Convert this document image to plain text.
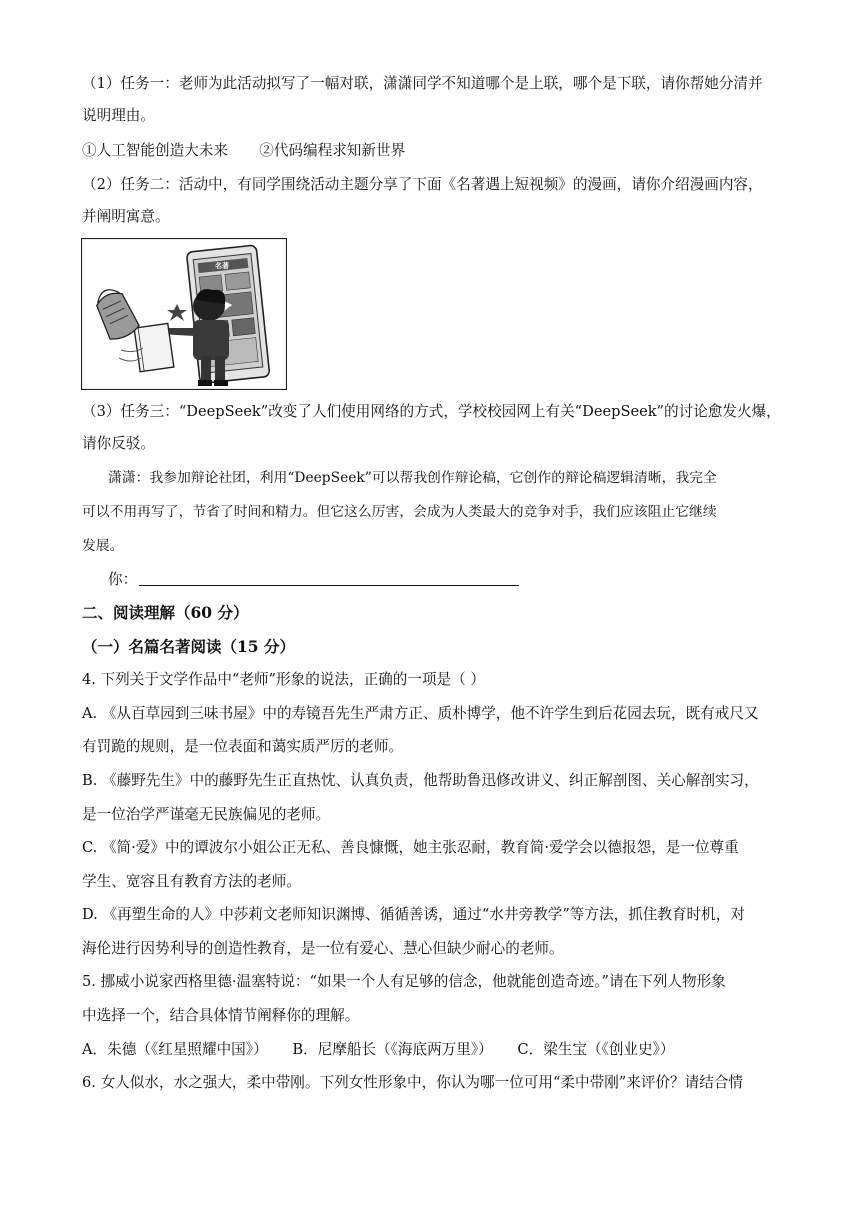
（1）任务一：老师为此活动拟写了一幅对联，潇潇同学不知道哪个是上联，哪个是下联，请你帮她分清并
说明理由。
①人工智能创造大未来 ②代码编程求知新世界
（2）任务二：活动中，有同学围绕活动主题分享了下面《名著遇上短视频》的漫画，请你介绍漫画内容，
并阐明寓意。
名著
（3）任务三：“DeepSeek”改变了人们使用网络的方式，学校校园网上有关“DeepSeek”的讨论愈发火爆，
请你反驳。
潇潇：我参加辩论社团，利用“DeepSeek”可以帮我创作辩论稿，它创作的辩论稿逻辑清晰，我完全
可以不用再写了，节省了时间和精力。但它这么厉害，会成为人类最大的竞争对手，我们应该阻止它继续
发展。
你：
二、阅读理解（60 分）
（一）名篇名著阅读（15 分）
4. 下列关于文学作品中“老师”形象的说法，正确的一项是（ ）
A. 《从百草园到三味书屋》中的寿镜吾先生严肃方正、质朴博学，他不许学生到后花园去玩，既有戒尺又
有罚跪的规则，是一位表面和蔼实质严厉的老师。
B. 《藤野先生》中的藤野先生正直热忱、认真负责，他帮助鲁迅修改讲义、纠正解剖图、关心解剖实习，
是一位治学严谨毫无民族偏见的老师。
C. 《简·爱》中的谭波尔小姐公正无私、善良慷慨，她主张忍耐，教育简·爱学会以德报怨，是一位尊重
学生、宽容且有教育方法的老师。
D. 《再塑生命的人》中莎莉文老师知识渊博、循循善诱，通过“水井旁教学”等方法，抓住教育时机，对
海伦进行因势利导的创造性教育，是一位有爱心、慧心但缺少耐心的老师。
5. 挪威小说家西格里德·温塞特说：“如果一个人有足够的信念，他就能创造奇迹。”请在下列人物形象
中选择一个，结合具体情节阐释你的理解。
A．朱德（《红星照耀中国》） B．尼摩船长（《海底两万里》） C．梁生宝（《创业史》）
6. 女人似水，水之强大，柔中带刚。下列女性形象中，你认为哪一位可用“柔中带刚”来评价？请结合情
